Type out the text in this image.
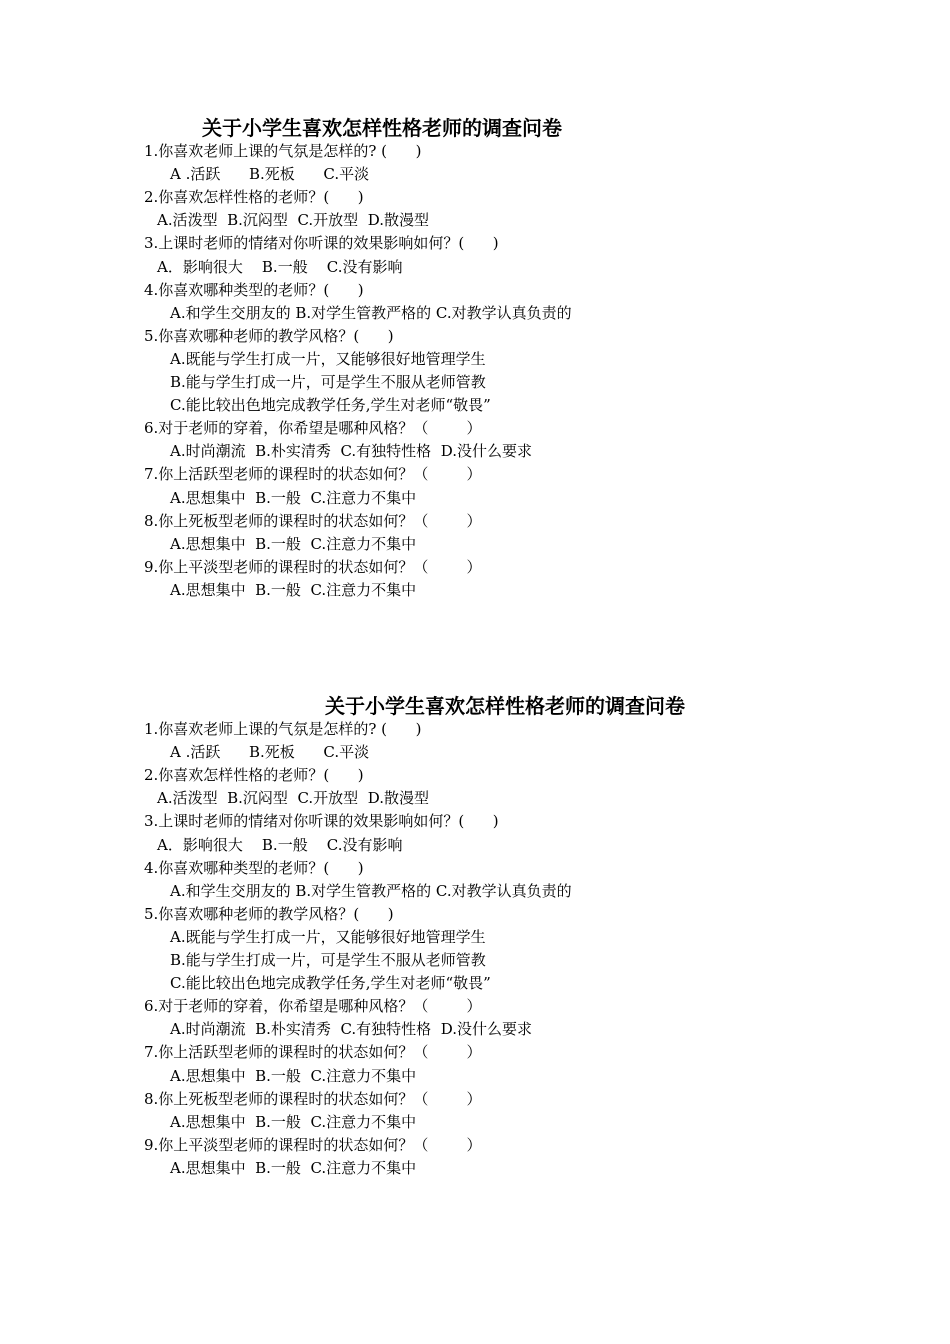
关于小学生喜欢怎样性格老师的调查问卷
1.你喜欢老师上课的气氛是怎样的? (      )
A .活跃      B.死板      C.平淡
2.你喜欢怎样性格的老师？(      )
A.活泼型  B.沉闷型  C.开放型  D.散漫型
3.上课时老师的情绪对你听课的效果影响如何？(      )
A．影响很大    B.一般    C.没有影响
4.你喜欢哪种类型的老师？(      )
A.和学生交朋友的 B.对学生管教严格的 C.对教学认真负责的
5.你喜欢哪种老师的教学风格？(      )
A.既能与学生打成一片，又能够很好地管理学生
B.能与学生打成一片，可是学生不服从老师管教
C.能比较出色地完成教学任务,学生对老师“敬畏”
6.对于老师的穿着，你希望是哪种风格？（        ）
A.时尚潮流  B.朴实清秀  C.有独特性格  D.没什么要求
7.你上活跃型老师的课程时的状态如何？（        ）
A.思想集中  B.一般  C.注意力不集中
8.你上死板型老师的课程时的状态如何？（        ）
A.思想集中  B.一般  C.注意力不集中
9.你上平淡型老师的课程时的状态如何？（        ）
A.思想集中  B.一般  C.注意力不集中
关于小学生喜欢怎样性格老师的调查问卷
1.你喜欢老师上课的气氛是怎样的? (      )
A .活跃      B.死板      C.平淡
2.你喜欢怎样性格的老师？(      )
A.活泼型  B.沉闷型  C.开放型  D.散漫型
3.上课时老师的情绪对你听课的效果影响如何？(      )
A．影响很大    B.一般    C.没有影响
4.你喜欢哪种类型的老师？(      )
A.和学生交朋友的 B.对学生管教严格的 C.对教学认真负责的
5.你喜欢哪种老师的教学风格？(      )
A.既能与学生打成一片，又能够很好地管理学生
B.能与学生打成一片，可是学生不服从老师管教
C.能比较出色地完成教学任务,学生对老师“敬畏”
6.对于老师的穿着，你希望是哪种风格？（        ）
A.时尚潮流  B.朴实清秀  C.有独特性格  D.没什么要求
7.你上活跃型老师的课程时的状态如何？（        ）
A.思想集中  B.一般  C.注意力不集中
8.你上死板型老师的课程时的状态如何？（        ）
A.思想集中  B.一般  C.注意力不集中
9.你上平淡型老师的课程时的状态如何？（        ）
A.思想集中  B.一般  C.注意力不集中
